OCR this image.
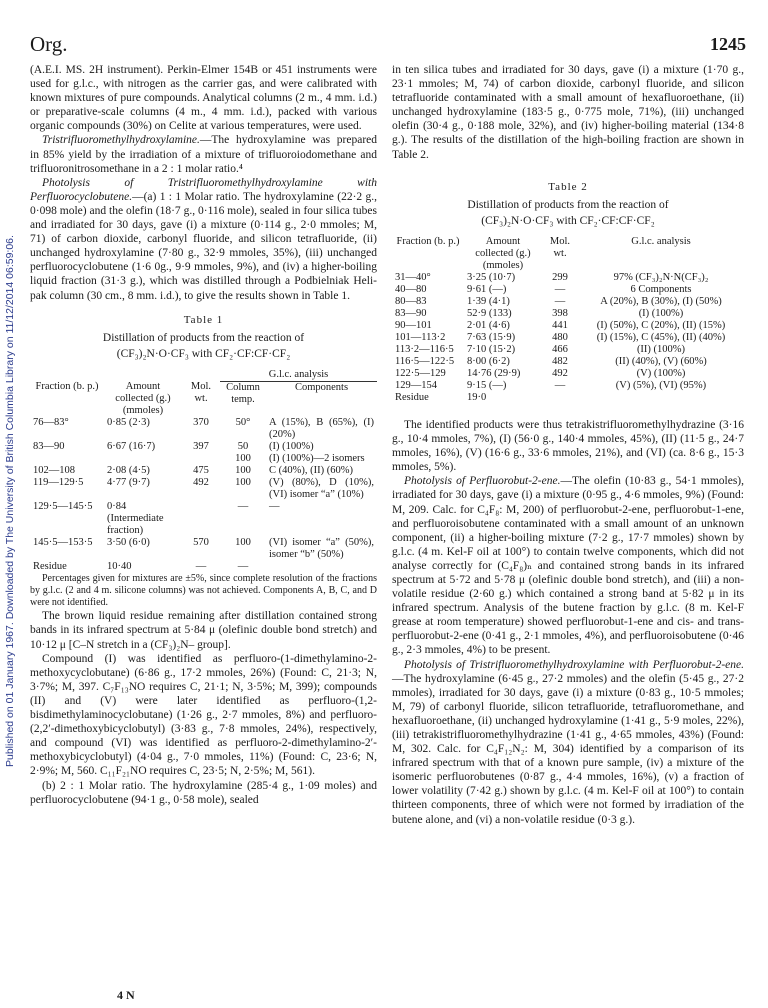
Published on 01 January 1967. Downloaded by The University of British Columbia Library on 11/12/2014 06:59:06.
Org.	1245

(A.E.I. MS. 2H instrument). Perkin-Elmer 154B or 451 instruments were used for g.l.c., with nitrogen as the carrier gas, and were calibrated with known mixtures of pure compounds. Analytical columns (2 m., 4 mm. i.d.) or preparative-scale columns (4 m., 4 mm. i.d.), packed with various organic compounds (30%) on Celite at various temperatures, were used.

Tristrifluoromethylhydroxylamine.—The hydroxylamine was prepared in 85% yield by the irradiation of a mixture of trifluoroiodomethane and trifluoronitrosomethane in a 2 : 1 molar ratio.⁴

Photolysis of Tristrifluoromethylhydroxylamine with Perfluorocyclobutene.—(a) 1 : 1 Molar ratio. The hydroxylamine (22·2 g., 0·098 mole) and the olefin (18·7 g., 0·116 mole), sealed in four silica tubes and irradiated for 30 days, gave (i) a mixture (0·114 g., 2·0 mmoles; M, 71) of carbon dioxide, carbonyl fluoride, and silicon tetrafluoride, (ii) unchanged hydroxylamine (7·80 g., 32·9 mmoles, 35%), (iii) unchanged perfluorocyclobutene (1·6 0g., 9·9 mmoles, 9%), and (iv) a higher-boiling liquid fraction (31·3 g.), which was distilled through a Podbielniak Heli-pak column (30 cm., 8 mm. i.d.), to give the results shown in Table 1.

Table 1
Distillation of products from the reaction of
(CF₃)₂N·O·CF₃ with CF₂·CF:CF·CF₂
			G.l.c. analysis	
Fraction (b. p.)	Amount collected (g.) (mmoles)	Mol. wt.	Column temp.	Components
76—83°	0·85 (2·3)	370	50°	A (15%), B (65%), (I) (20%)
83—90	6·67 (16·7)	397	50	(I) (100%)
			100	(I) (100%)—2 isomers
102—108	2·08 (4·5)	475	100	C (40%), (II) (60%)
119—129·5	4·77 (9·7)	492	100	(V) (80%), D (10%), (VI) isomer “a” (10%)
129·5—145·5	0·84 (Intermediate fraction)		—	—
145·5—153·5	3·50 (6·0)	570	100	(VI) isomer “a” (50%), isomer “b” (50%)
Residue	10·40	—	—	

Percentages given for mixtures are ±5%, since complete resolution of the fractions by g.l.c. (2 and 4 m. silicone columns) was not achieved. Components A, B, C, and D were not identified.

The brown liquid residue remaining after distillation contained strong bands in its infrared spectrum at 5·84 μ (olefinic double bond stretch) and 10·12 μ [C–N stretch in a (CF₃)₂N– group].

Compound (I) was identified as perfluoro-(1-dimethylamino-2-methoxycyclobutane) (6·86 g., 17·2 mmoles, 26%) (Found: C, 21·3; N, 3·7%; M, 397. C₇F₁₃NO requires C, 21·1; N, 3·5%; M, 399); compounds (II) and (V) were later identified as perfluoro-(1,2-bisdimethylaminocyclobutane) (1·26 g., 2·7 mmoles, 8%) and perfluoro-(2,2′-dimethoxybicyclobutyl) (3·83 g., 7·8 mmoles, 24%), respectively, and compound (VI) was identified as perfluoro-2-dimethylamino-2′-methoxybicyclobutyl) (4·04 g., 7·0 mmoles, 11%) (Found: C, 23·6; N, 2·9%; M, 560. C₁₁F₂₁NO requires C, 23·5; N, 2·5%; M, 561).

(b) 2 : 1 Molar ratio. The hydroxylamine (285·4 g., 1·09 moles) and perfluorocyclobutene (94·1 g., 0·58 mole), sealed

in ten silica tubes and irradiated for 30 days, gave (i) a mixture (1·70 g., 23·1 mmoles; M, 74) of carbon dioxide, carbonyl fluoride, and silicon tetrafluoride contaminated with a small amount of hexafluoroethane, (ii) unchanged hydroxylamine (183·5 g., 0·775 mole, 71%), (iii) unchanged olefin (30·4 g., 0·188 mole, 32%), and (iv) higher-boiling material (134·8 g.). The results of the distillation of the high-boiling fraction are shown in Table 2.

Table 2
Distillation of products from the reaction of
(CF₃)₂N·O·CF₃ with CF₂·CF:CF·CF₂
Fraction (b. p.)	Amount collected (g.) (mmoles)	Mol. wt.	G.l.c. analysis
31—40°	3·25 (10·7)	299	97% (CF₃)₂N·N(CF₃)₂
40—80	9·61 (—)	—	6 Components
80—83	1·39 (4·1)	—	A (20%), B (30%), (I) (50%)
83—90	52·9 (133)	398	(I) (100%)
90—101	2·01 (4·6)	441	(I) (50%), C (20%), (II) (15%)
101—113·2	7·63 (15·9)	480	(I) (15%), C (45%), (II) (40%)
113·2—116·5	7·10 (15·2)	466	(II) (100%)
116·5—122·5	8·00 (6·2)	482	(II) (40%), (V) (60%)
122·5—129	14·76 (29·9)	492	(V) (100%)
129—154	9·15 (—)	—	(V) (5%), (VI) (95%)
Residue	19·0		

The identified products were thus tetrakistrifluoromethylhydrazine (3·16 g., 10·4 mmoles, 7%), (I) (56·0 g., 140·4 mmoles, 45%), (II) (11·5 g., 24·7 mmoles, 16%), (V) (16·6 g., 33·6 mmoles, 21%), and (VI) (ca. 8·6 g., 15·3 mmoles, 5%).

Photolysis of Perfluorobut-2-ene.—The olefin (10·83 g., 54·1 mmoles), irradiated for 30 days, gave (i) a mixture (0·95 g., 4·6 mmoles, 9%) (Found: M, 209. Calc. for C₄F₈: M, 200) of perfluorobut-2-ene, perfluorobut-1-ene, and perfluoroisobutene contaminated with a small amount of an unknown component, (ii) a higher-boiling mixture (7·2 g., 17·7 mmoles) shown by g.l.c. (4 m. Kel-F oil at 100°) to contain twelve components, which did not analyse correctly for (C₄F₈)ₙ and contained strong bands in its infrared spectrum at 5·72 and 5·78 μ (olefinic double bond stretch), and (iii) a non-volatile residue (2·60 g.) which contained a strong band at 5·82 μ in its infrared spectrum. Analysis of the butene fraction by g.l.c. (8 m. Kel-F grease at room temperature) showed perfluorobut-1-ene and cis- and trans-perfluorobut-2-ene (0·41 g., 2·1 mmoles, 4%), and perfluoroisobutene (0·46 g., 2·3 mmoles, 4%) to be present.

Photolysis of Tristrifluoromethylhydroxylamine with Perfluorobut-2-ene.—The hydroxylamine (6·45 g., 27·2 mmoles) and the olefin (5·45 g., 27·2 mmoles), irradiated for 30 days, gave (i) a mixture (0·83 g., 10·5 mmoles; M, 79) of carbonyl fluoride, silicon tetrafluoride, tetrafluoromethane, and hexafluoroethane, (ii) unchanged hydroxylamine (1·41 g., 5·9 moles, 22%), (iii) tetrakistrifluoromethylhydrazine (1·41 g., 4·65 mmoles, 43%) (Found: M, 302. Calc. for C₄F₁₂N₂: M, 304) identified by a comparison of its infrared spectrum with that of a known pure sample, (iv) a mixture of the isomeric perfluorobutenes (0·87 g., 4·4 mmoles, 16%), (v) a fraction of lower volatility (7·42 g.) shown by g.l.c. (4 m. Kel-F oil at 100°) to contain thirteen components, three of which were not formed by irradiation of the butene alone, and (vi) a non-volatile residue (0·3 g.).

4 N
